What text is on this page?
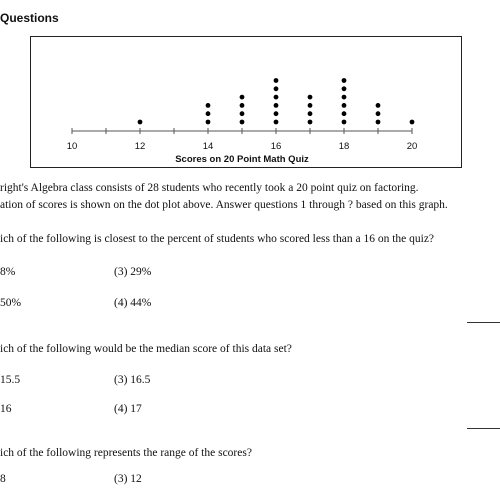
Questions
10	12	14	16	18	20
Scores on 20 Point Math Quiz
right's Algebra class consists of 28 students who recently took a 20 point quiz on factoring.
ation of scores is shown on the dot plot above. Answer questions 1 through ? based on this graph.
ich of the following is closest to the percent of students who scored less than a 16 on the quiz?
8%	(3) 29%
50%	(4) 44%
ich of the following would be the median score of this data set?
15.5	(3) 16.5
16	(4) 17
ich of the following represents the range of the scores?
8	(3) 12
